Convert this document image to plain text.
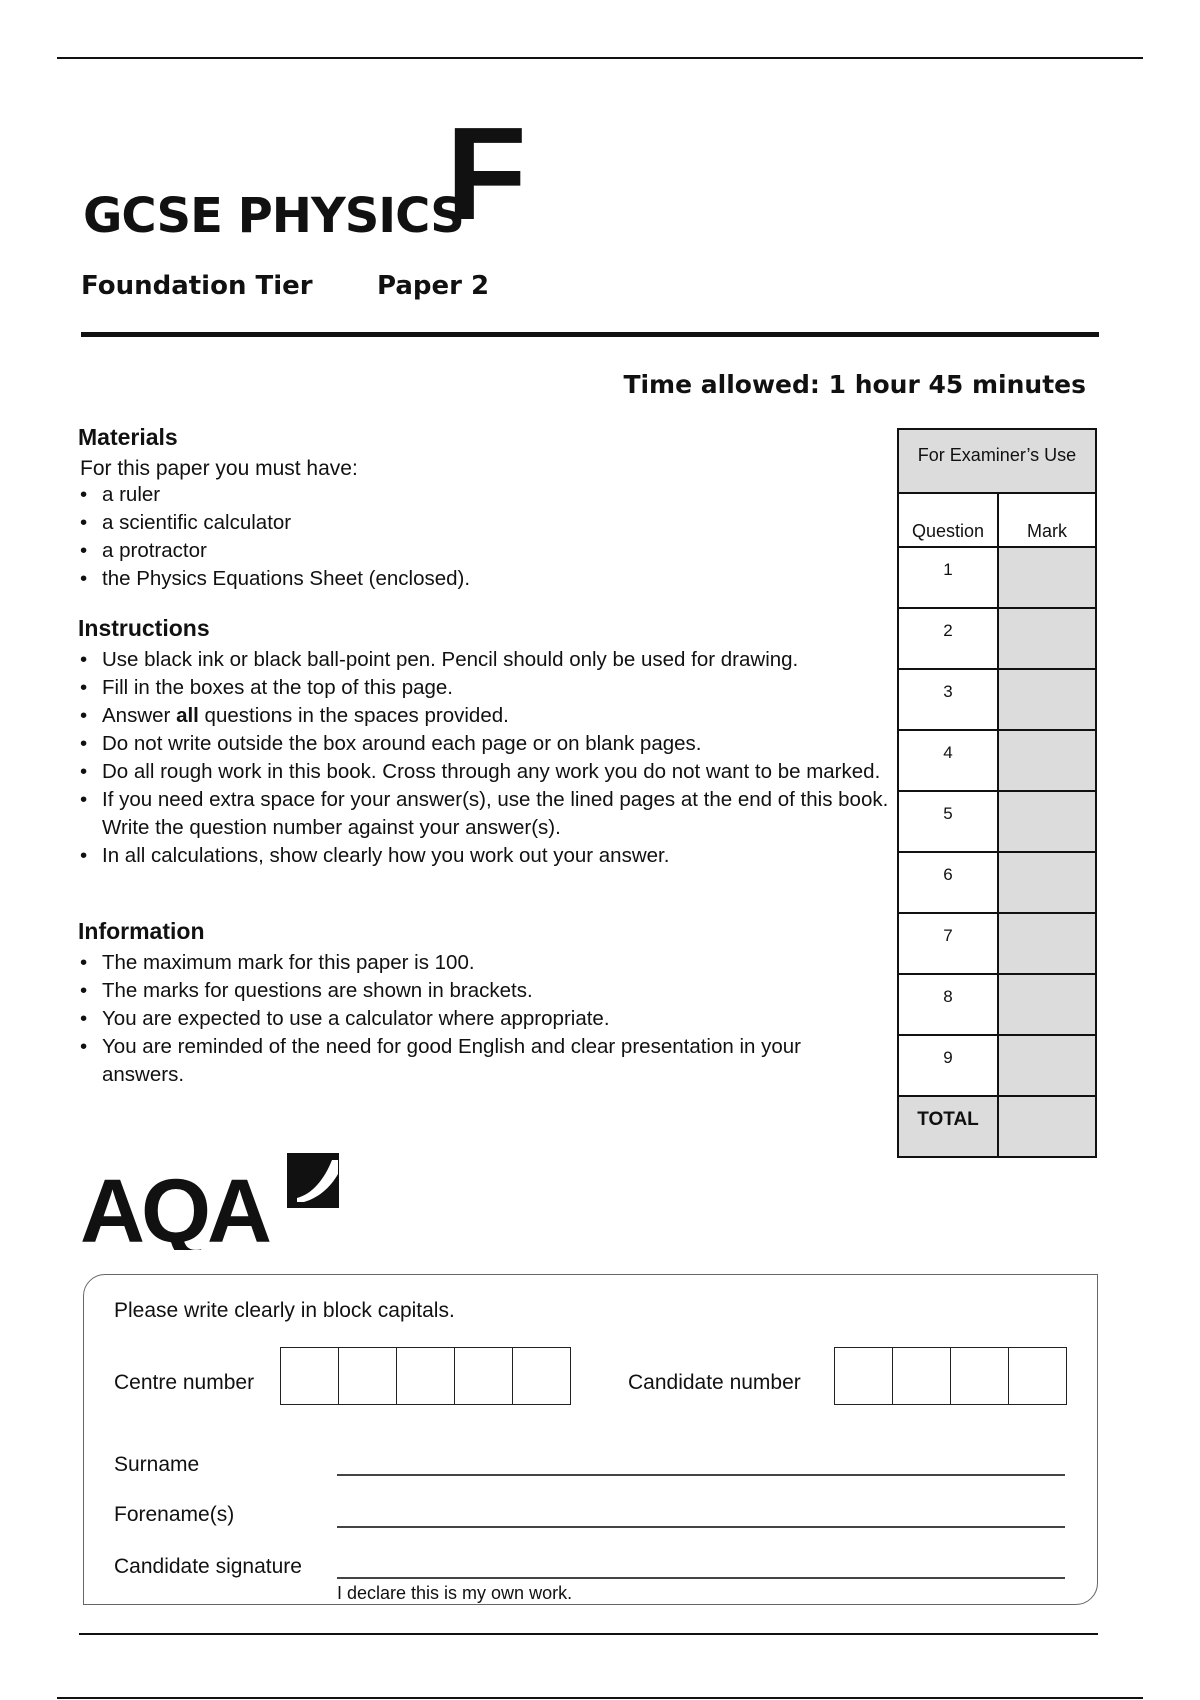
GCSE PHYSICS
F
Foundation Tier Paper 2
Time allowed: 1 hour 45 minutes
Materials
For this paper you must have:
• a ruler
• a scientific calculator
• a protractor
• the Physics Equations Sheet (enclosed).
Instructions
• Use black ink or black ball-point pen. Pencil should only be used for drawing.
• Fill in the boxes at the top of this page.
• Answer all questions in the spaces provided.
• Do not write outside the box around each page or on blank pages.
• Do all rough work in this book. Cross through any work you do not want to be marked.
• If you need extra space for your answer(s), use the lined pages at the end of this book. Write the question number against your answer(s).
• In all calculations, show clearly how you work out your answer.
Information
• The maximum mark for this paper is 100.
• The marks for questions are shown in brackets.
• You are expected to use a calculator where appropriate.
• You are reminded of the need for good English and clear presentation in your answers.
For Examiner’s Use
Question	Mark
1
2
3
4
5
6
7
8
9
TOTAL
AQA
Please write clearly in block capitals.
Centre number	Candidate number
Surname
Forename(s)
Candidate signature
I declare this is my own work.
